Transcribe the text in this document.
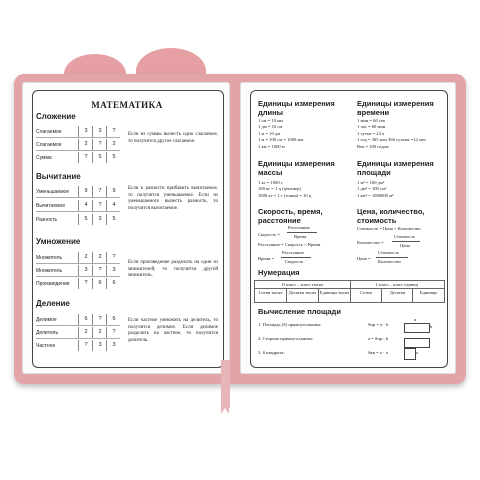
МАТЕМАТИКА
Сложение
Слагаемое	3	3	?
Слагаемое	2	?	2
Сумма	?	5	5
Если из суммы вычесть одно слагаемое, то получится другое слагаемое.
Вычитание
Уменьшаемое	9	7	9
Вычитаемое	4	?	4
Разность	5	3	5
Если к разности прибавить вычитаемое, то получится уменьшаемое. Если из уменьшаемого вычесть разность, то получится вычитаемое.
Умножение
Множитель	2	2	?
Множитель	3	?	3
Произведение	?	6	6
Если произведение разделить на один из множителей, то получится другой множитель.
Деление
Делимое	6	?	6
Делитель	2	2	?
Частное	?	3	3
Если частное умножить на делитель, то получится делимое. Если делимое разделить на частное, то получится делитель.
Единицы измерения
длины
1 см = 10 мм
1 дм = 10 см
1 м = 10 дм
1 м = 100 см = 1000 мм
1 км = 1000 м
Единицы измерения
времени
1 мин = 60 сек
1 час = 60 мин
1 сутки = 24 ч
1 год = 365 или 366 суткам =12 мес.
Век = 100 годам
Единицы измерения
массы
1 кг = 1000 г
100 кг = 1 ц (центнер)
1000 кг = 1 т (тонна) = 10 ц
Единицы измерения
площади
1 м² = 100 дм²
1 дм² = 100 см²
1 км² = 1000000 м²
Скорость, время,
расстояние
Скорость =
Расстояние
Время
Расстояние = Скорость × Время
Время =
Расстояние
Скорость
Цена, количество, стоимость
Стоимость = Цена × Количество
Количество =
Стоимость
Цена
Цена =
Стоимость
Количество
Нумерация
II класс – класс тысяч	I класс – класс единиц
Сотни тысяч	Десятки тысяч Единицы тысяч	Сотни	Десятки	Единицы
Вычисление площади
1. Площадь (S) прямоугольника:	Sпр = a · b
2. Сторона прямоугольника:	a = Sпр : b
3. S квадрата:	Sкв = a · a
a
b
a
